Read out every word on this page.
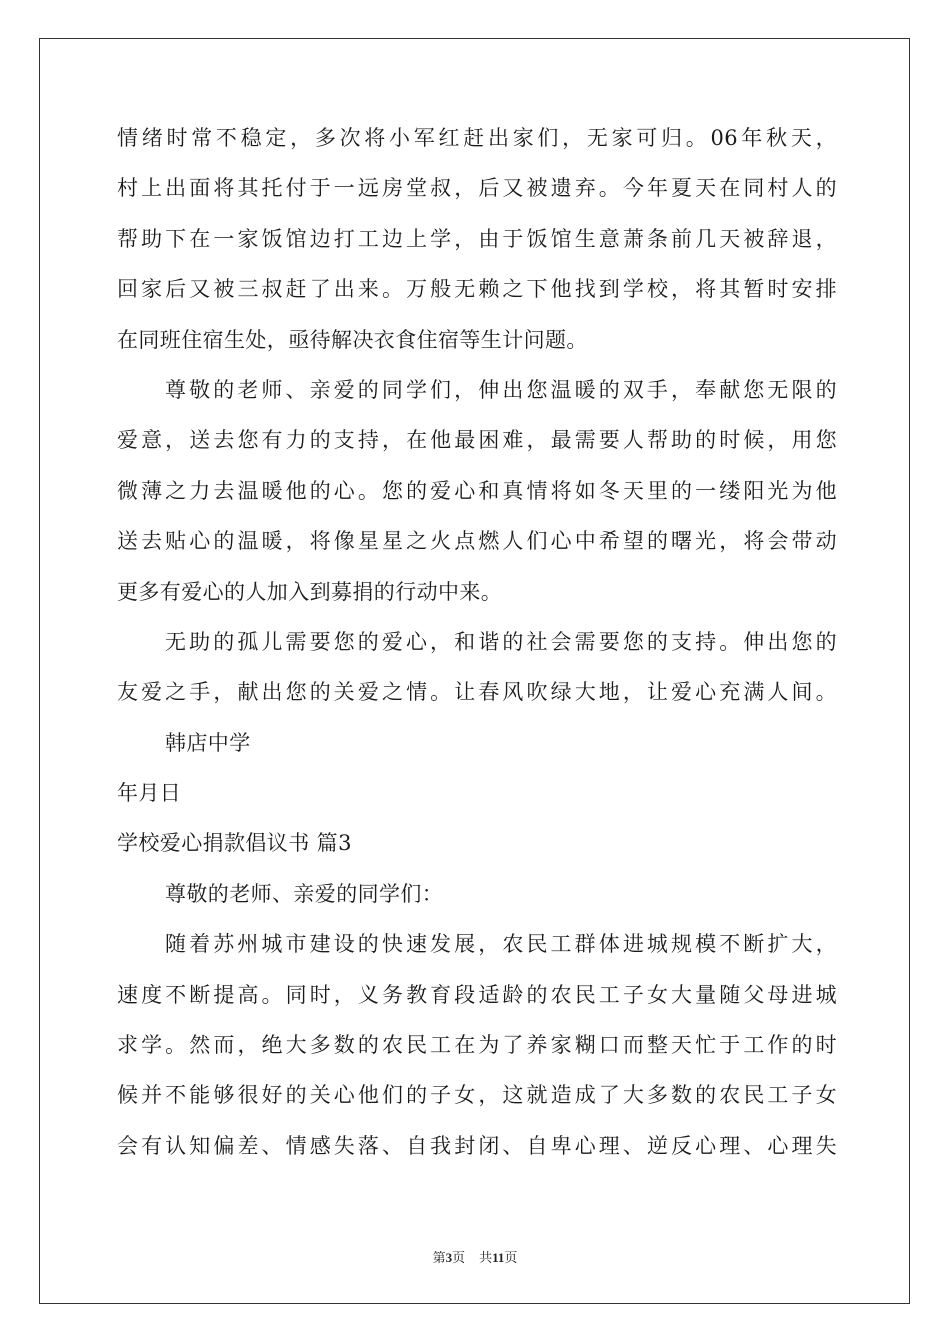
情绪时常不稳定，多次将小军红赶出家们，无家可归。06年秋天，
村上出面将其托付于一远房堂叔，后又被遗弃。今年夏天在同村人的
帮助下在一家饭馆边打工边上学，由于饭馆生意萧条前几天被辞退，
回家后又被三叔赶了出来。万般无赖之下他找到学校，将其暂时安排
在同班住宿生处，亟待解决衣食住宿等生计问题。
尊敬的老师、亲爱的同学们，伸出您温暖的双手，奉献您无限的
爱意，送去您有力的支持，在他最困难，最需要人帮助的时候，用您
微薄之力去温暖他的心。您的爱心和真情将如冬天里的一缕阳光为他
送去贴心的温暖，将像星星之火点燃人们心中希望的曙光，将会带动
更多有爱心的人加入到募捐的行动中来。
无助的孤儿需要您的爱心，和谐的社会需要您的支持。伸出您的
友爱之手，献出您的关爱之情。让春风吹绿大地，让爱心充满人间。
韩店中学
年月日
学校爱心捐款倡议书 篇3
尊敬的老师、亲爱的同学们：
随着苏州城市建设的快速发展，农民工群体进城规模不断扩大，
速度不断提高。同时，义务教育段适龄的农民工子女大量随父母进城
求学。然而，绝大多数的农民工在为了养家糊口而整天忙于工作的时
候并不能够很好的关心他们的子女，这就造成了大多数的农民工子女
会有认知偏差、情感失落、自我封闭、自卑心理、逆反心理、心理失
第3页 共11页
